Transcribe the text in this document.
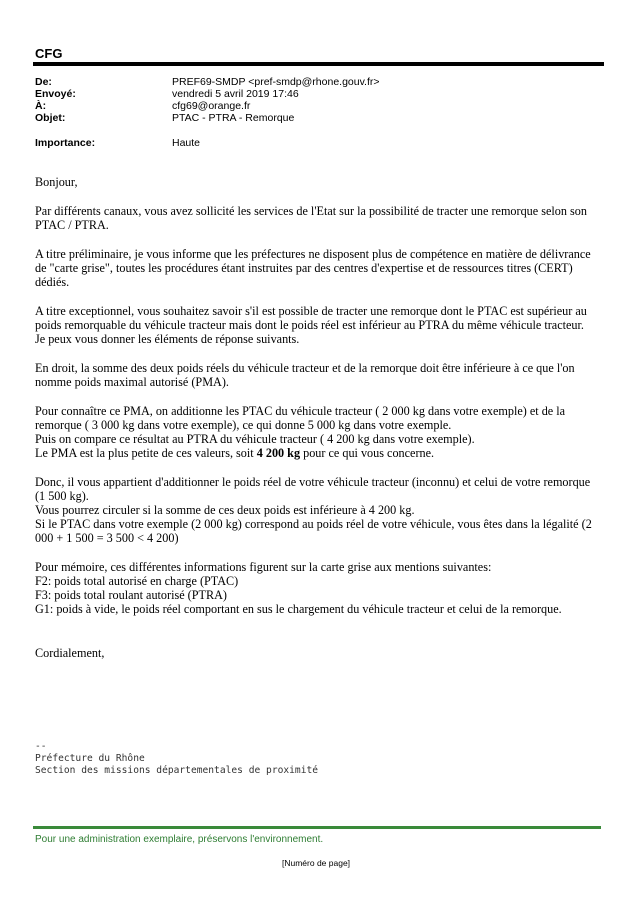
CFG
De:	PREF69-SMDP <pref-smdp@rhone.gouv.fr>
Envoyé:	vendredi 5 avril 2019 17:46
À:	cfg69@orange.fr
Objet:	PTAC - PTRA - Remorque
Importance:	Haute

Bonjour,

Par différents canaux, vous avez sollicité les services de l'Etat sur la possibilité de tracter une remorque selon son PTAC / PTRA.

A titre préliminaire, je vous informe que les préfectures ne disposent plus de compétence en matière de délivrance de "carte grise", toutes les procédures étant instruites par des centres d'expertise et de ressources titres (CERT) dédiés.

A titre exceptionnel, vous souhaitez savoir s'il est possible de tracter une remorque dont le PTAC est supérieur au poids remorquable du véhicule tracteur mais dont le poids réel est inférieur au PTRA du même véhicule tracteur.

Je peux vous donner les éléments de réponse suivants.

En droit, la somme des deux poids réels du véhicule tracteur et de la remorque doit être inférieure à ce que l'on nomme poids maximal autorisé (PMA).

Pour connaître ce PMA, on additionne les PTAC du véhicule tracteur ( 2 000 kg dans votre exemple) et de la remorque ( 3 000 kg dans votre exemple), ce qui donne 5 000 kg dans votre exemple.

Puis on compare ce résultat au PTRA du véhicule tracteur ( 4 200 kg dans votre exemple).

Le PMA est la plus petite de ces valeurs, soit 4 200 kg pour ce qui vous concerne.

Donc, il vous appartient d'additionner le poids réel de votre véhicule tracteur (inconnu) et celui de votre remorque (1 500 kg).

Vous pourrez circuler si la somme de ces deux poids est inférieure à 4 200 kg.

Si le PTAC dans votre exemple (2 000 kg) correspond au poids réel de votre véhicule, vous êtes dans la légalité (2 000 + 1 500 = 3 500 < 4 200)

Pour mémoire, ces différentes informations figurent sur la carte grise aux mentions suivantes:

F2: poids total autorisé en charge (PTAC)

F3: poids total roulant autorisé (PTRA)

G1: poids à vide, le poids réel comportant en sus le chargement du véhicule tracteur et celui de la remorque.

Cordialement,

--
Préfecture du Rhône
Section des missions départementales de proximité
Pour une administration exemplaire, préservons l'environnement.
[Numéro de page]
